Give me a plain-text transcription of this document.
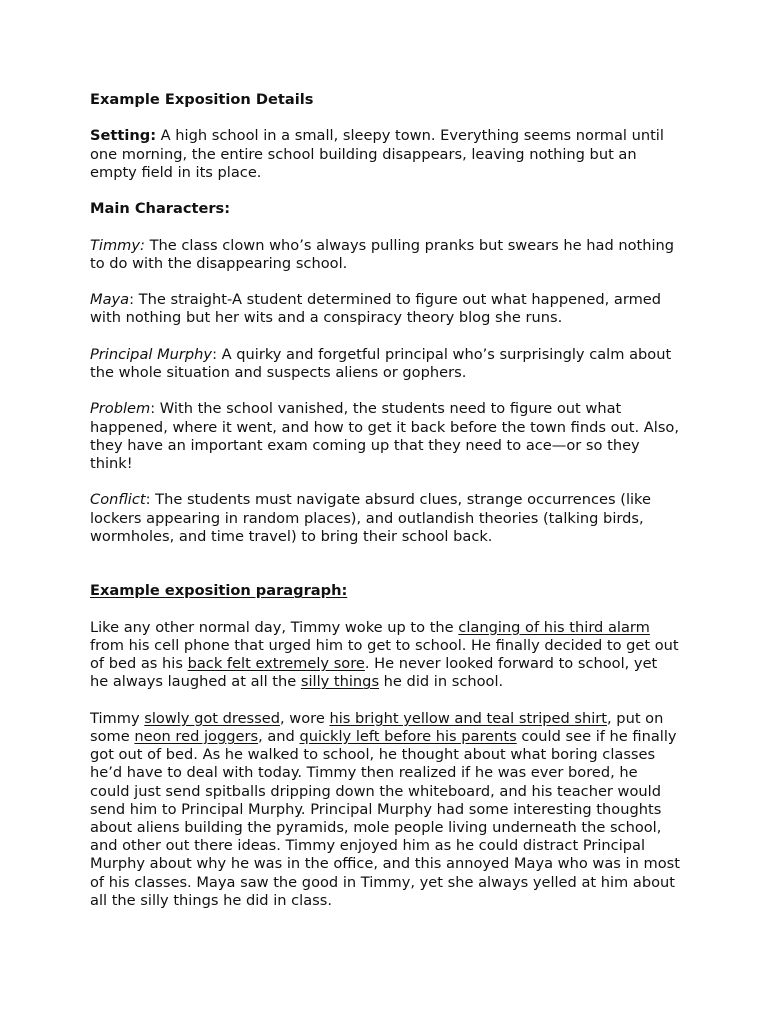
Example Exposition Details

Setting: A high school in a small, sleepy town. Everything seems normal until one morning, the entire school building disappears, leaving nothing but an empty field in its place.

Main Characters:

Timmy: The class clown who’s always pulling pranks but swears he had nothing to do with the disappearing school.

Maya: The straight-A student determined to figure out what happened, armed with nothing but her wits and a conspiracy theory blog she runs.

Principal Murphy: A quirky and forgetful principal who’s surprisingly calm about the whole situation and suspects aliens or gophers.

Problem: With the school vanished, the students need to figure out what happened, where it went, and how to get it back before the town finds out. Also, they have an important exam coming up that they need to ace—or so they think!

Conflict: The students must navigate absurd clues, strange occurrences (like lockers appearing in random places), and outlandish theories (talking birds, wormholes, and time travel) to bring their school back.

Example exposition paragraph:

Like any other normal day, Timmy woke up to the clanging of his third alarm from his cell phone that urged him to get to school. He finally decided to get out of bed as his back felt extremely sore. He never looked forward to school, yet he always laughed at all the silly things he did in school.

Timmy slowly got dressed, wore his bright yellow and teal striped shirt, put on some neon red joggers, and quickly left before his parents could see if he finally got out of bed. As he walked to school, he thought about what boring classes he’d have to deal with today. Timmy then realized if he was ever bored, he could just send spitballs dripping down the whiteboard, and his teacher would send him to Principal Murphy. Principal Murphy had some interesting thoughts about aliens building the pyramids, mole people living underneath the school, and other out there ideas. Timmy enjoyed him as he could distract Principal Murphy about why he was in the office, and this annoyed Maya who was in most of his classes. Maya saw the good in Timmy, yet she always yelled at him about all the silly things he did in class.
